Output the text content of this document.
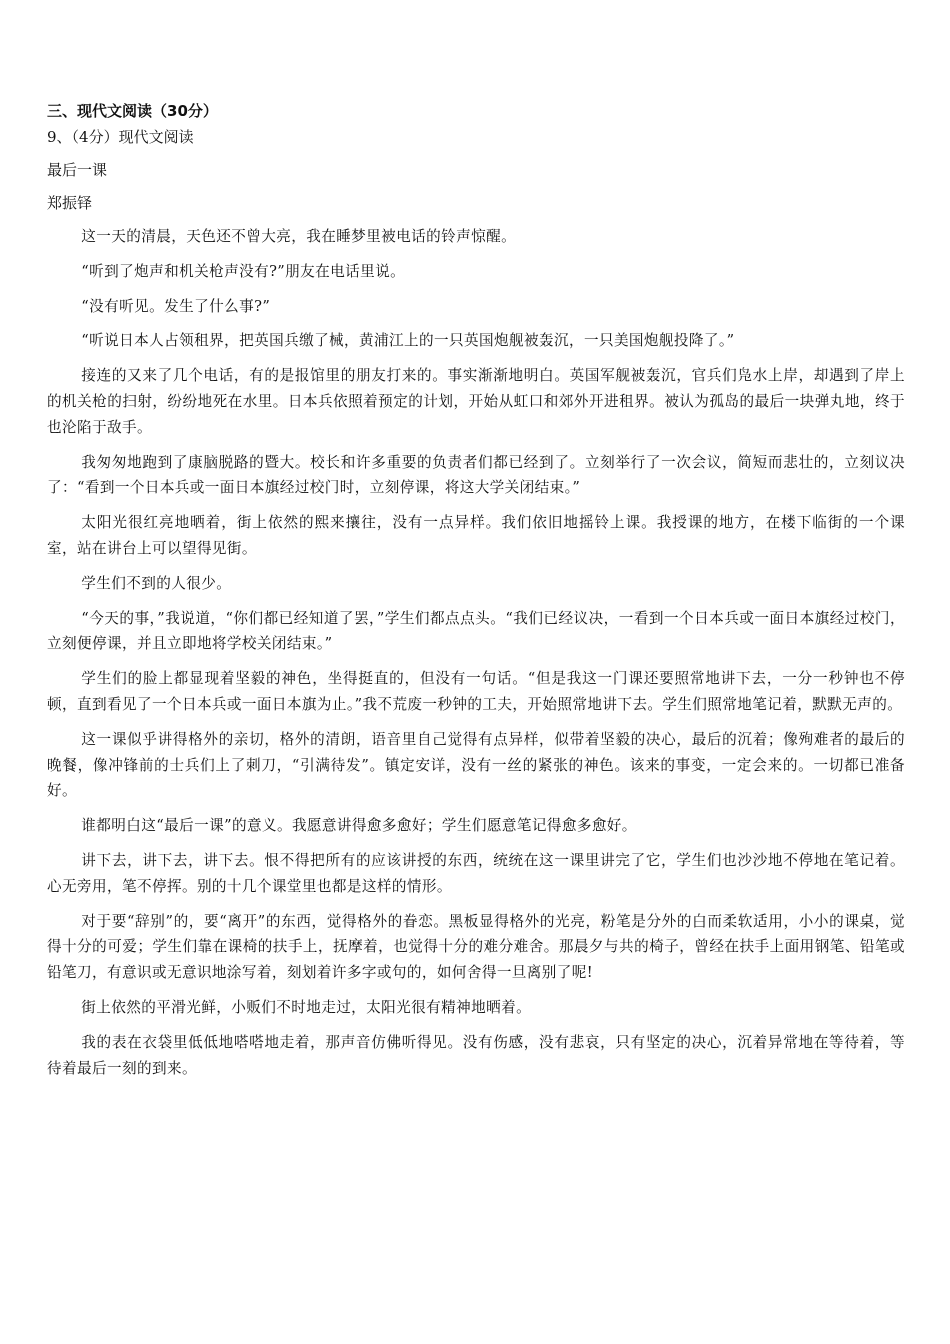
三、现代文阅读（30分）
9、（4分）现代文阅读
最后一课
郑振铎

这一天的清晨，天色还不曾大亮，我在睡梦里被电话的铃声惊醒。

“听到了炮声和机关枪声没有?”朋友在电话里说。

“没有听见。发生了什么事?”

“听说日本人占领租界，把英国兵缴了械，黄浦江上的一只英国炮舰被轰沉，一只美国炮舰投降了。”

接连的又来了几个电话，有的是报馆里的朋友打来的。事实渐渐地明白。英国军舰被轰沉，官兵们凫水上岸，却遇到了岸上的机关枪的扫射，纷纷地死在水里。日本兵依照着预定的计划，开始从虹口和郊外开进租界。被认为孤岛的最后一块弹丸地，终于也沦陷于敌手。

我匆匆地跑到了康脑脱路的暨大。校长和许多重要的负责者们都已经到了。立刻举行了一次会议，简短而悲壮的，立刻议决了：“看到一个日本兵或一面日本旗经过校门时，立刻停课，将这大学关闭结束。”

太阳光很红亮地晒着，街上依然的熙来攘往，没有一点异样。我们依旧地摇铃上课。我授课的地方，在楼下临街的一个课室，站在讲台上可以望得见街。

学生们不到的人很少。

“今天的事，”我说道，“你们都已经知道了罢，”学生们都点点头。“我们已经议决，一看到一个日本兵或一面日本旗经过校门，立刻便停课，并且立即地将学校关闭结束。”

学生们的脸上都显现着坚毅的神色，坐得挺直的，但没有一句话。“但是我这一门课还要照常地讲下去，一分一秒钟也不停顿，直到看见了一个日本兵或一面日本旗为止。”我不荒废一秒钟的工夫，开始照常地讲下去。学生们照常地笔记着，默默无声的。

这一课似乎讲得格外的亲切，格外的清朗，语音里自己觉得有点异样，似带着坚毅的决心，最后的沉着；像殉难者的最后的晚餐，像冲锋前的士兵们上了刺刀，“引满待发”。镇定安详，没有一丝的紧张的神色。该来的事变，一定会来的。一切都已准备好。

谁都明白这“最后一课”的意义。我愿意讲得愈多愈好；学生们愿意笔记得愈多愈好。

讲下去，讲下去，讲下去。恨不得把所有的应该讲授的东西，统统在这一课里讲完了它，学生们也沙沙地不停地在笔记着。心无旁用，笔不停挥。别的十几个课堂里也都是这样的情形。

对于要“辞别”的，要“离开”的东西，觉得格外的眷恋。黑板显得格外的光亮，粉笔是分外的白而柔软适用，小小的课桌，觉得十分的可爱；学生们靠在课椅的扶手上，抚摩着，也觉得十分的难分难舍。那晨夕与共的椅子，曾经在扶手上面用钢笔、铅笔或铅笔刀，有意识或无意识地涂写着，刻划着许多字或句的，如何舍得一旦离别了呢!

街上依然的平滑光鲜，小贩们不时地走过，太阳光很有精神地晒着。

我的表在衣袋里低低地嗒嗒地走着，那声音仿佛听得见。没有伤感，没有悲哀，只有坚定的决心，沉着异常地在等待着，等待着最后一刻的到来。
